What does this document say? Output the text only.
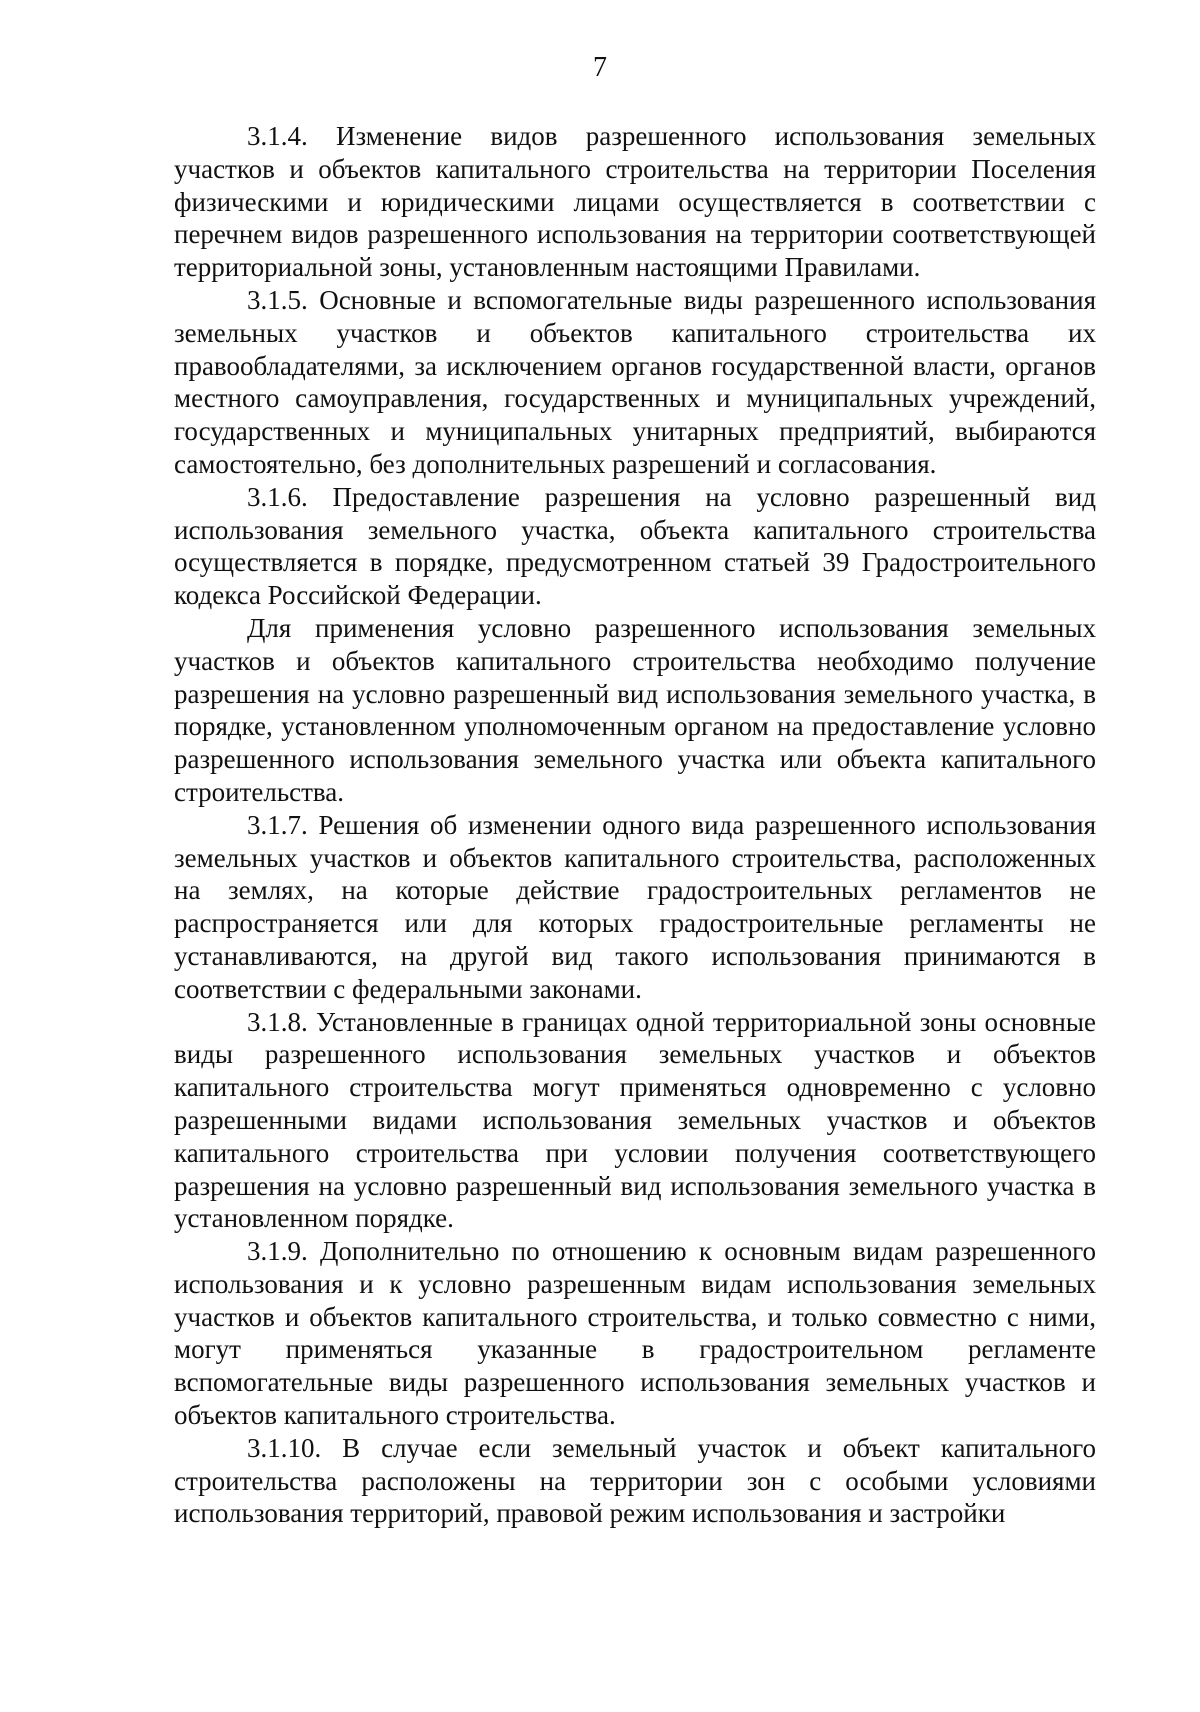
7

3.1.4. Изменение видов разрешенного использования земельных участков и объектов капитального строительства на территории Поселения физическими и юридическими лицами осуществляется в соответствии с перечнем видов разрешенного использования на территории соответствующей территориальной зоны, установленным настоящими Правилами.

3.1.5. Основные и вспомогательные виды разрешенного использования земельных участков и объектов капитального строительства их правообладателями, за исключением органов государственной власти, органов местного самоуправления, государственных и муниципальных учреждений, государственных и муниципальных унитарных предприятий, выбираются самостоятельно, без дополнительных разрешений и согласования.

3.1.6. Предоставление разрешения на условно разрешенный вид использования земельного участка, объекта капитального строительства осуществляется в порядке, предусмотренном статьей 39 Градостроительного кодекса Российской Федерации.

Для применения условно разрешенного использования земельных участков и объектов капитального строительства необходимо получение разрешения на условно разрешенный вид использования земельного участка, в порядке, установленном уполномоченным органом на предоставление условно разрешенного использования земельного участка или объекта капитального строительства.

3.1.7. Решения об изменении одного вида разрешенного использования земельных участков и объектов капитального строительства, расположенных на землях, на которые действие градостроительных регламентов не распространяется или для которых градостроительные регламенты не устанавливаются, на другой вид такого использования принимаются в соответствии с федеральными законами.

3.1.8. Установленные в границах одной территориальной зоны основные виды разрешенного использования земельных участков и объектов капитального строительства могут применяться одновременно с условно разрешенными видами использования земельных участков и объектов капитального строительства при условии получения соответствующего разрешения на условно разрешенный вид использования земельного участка в установленном порядке.

3.1.9. Дополнительно по отношению к основным видам разрешенного использования и к условно разрешенным видам использования земельных участков и объектов капитального строительства, и только совместно с ними, могут применяться указанные в градостроительном регламенте вспомогательные виды разрешенного использования земельных участков и объектов капитального строительства.

3.1.10. В случае если земельный участок и объект капитального строительства расположены на территории зон с особыми условиями использования территорий, правовой режим использования и застройки
